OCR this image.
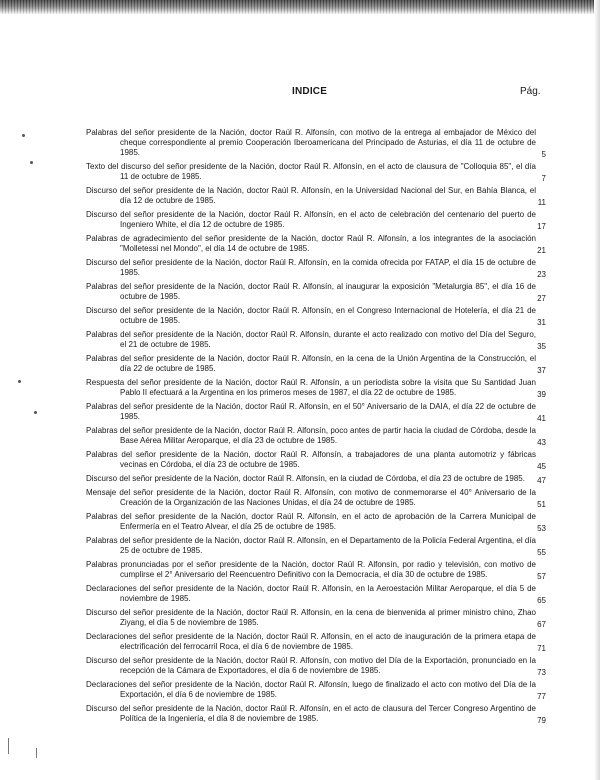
INDICE	Pág.
Palabras del señor presidente de la Nación, doctor Raúl R. Alfonsín, con motivo de la entrega al embajador de México del cheque correspondiente al premio Cooperación Iberoamericana del Principado de Asturias, el día 11 de octubre de 1985.	5
Texto del discurso del señor presidente de la Nación, doctor Raúl R. Alfonsín, en el acto de clausura de "Colloquia 85", el día 11 de octubre de 1985.	7
Discurso del señor presidente de la Nación, doctor Raúl R. Alfonsín, en la Universidad Nacional del Sur, en Bahía Blanca, el día 12 de octubre de 1985.	11
Discurso del señor presidente de la Nación, doctor Raúl R. Alfonsín, en el acto de celebración del centenario del puerto de Ingeniero White, el día 12 de octubre de 1985.	17
Palabras de agradecimiento del señor presidente de la Nación, doctor Raúl R. Alfonsín, a los integrantes de la asociación "Molletessi nel Mondo", el día 14 de octubre de 1985.	21
Discurso del señor presidente de la Nación, doctor Raúl R. Alfonsín, en la comida ofrecida por FATAP, el día 15 de octubre de 1985.	23
Palabras del señor presidente de la Nación, doctor Raúl R. Alfonsín, al inaugurar la exposición "Metalurgia 85", el día 16 de octubre de 1985.	27
Discurso del señor presidente de la Nación, doctor Raúl R. Alfonsín, en el Congreso Internacional de Hotelería, el día 21 de octubre de 1985.	31
Palabras del señor presidente de la Nación, doctor Raúl R. Alfonsín, durante el acto realizado con motivo del Día del Seguro, el 21 de octubre de 1985.	35
Palabras del señor presidente de la Nación, doctor Raúl R. Alfonsín, en la cena de la Unión Argentina de la Construcción, el día 22 de octubre de 1985.	37
Respuesta del señor presidente de la Nación, doctor Raúl R. Alfonsín, a un periodista sobre la visita que Su Santidad Juan Pablo II efectuará a la Argentina en los primeros meses de 1987, el día 22 de octubre de 1985.	39
Palabras del señor presidente de la Nación, doctor Raúl R. Alfonsín, en el 50° Aniversario de la DAIA, el día 22 de octubre de 1985.	41
Palabras del señor presidente de la Nación, doctor Raúl R. Alfonsín, poco antes de partir hacia la ciudad de Córdoba, desde la Base Aérea Militar Aeroparque, el día 23 de octubre de 1985.	43
Palabras del señor presidente de la Nación, doctor Raúl R. Alfonsín, a trabajadores de una planta automotriz y fábricas vecinas en Córdoba, el día 23 de octubre de 1985.	45
Discurso del señor presidente de la Nación, doctor Raúl R. Alfonsín, en la ciudad de Córdoba, el día 23 de octubre de 1985.	47
Mensaje del señor presidente de la Nación, doctor Raúl R. Alfonsín, con motivo de conmemorarse el 40° Aniversario de la Creación de la Organización de las Naciones Unidas, el día 24 de octubre de 1985.	51
Palabras del señor presidente de la Nación, doctor Raúl R. Alfonsín, en el acto de aprobación de la Carrera Municipal de Enfermería en el Teatro Alvear, el día 25 de octubre de 1985.	53
Palabras del señor presidente de la Nación, doctor Raúl R. Alfonsín, en el Departamento de la Policía Federal Argentina, el día 25 de octubre de 1985.	55
Palabras pronunciadas por el señor presidente de la Nación, doctor Raúl R. Alfonsín, por radio y televisión, con motivo de cumplirse el 2° Aniversario del Reencuentro Definitivo con la Democracia, el día 30 de octubre de 1985.	57
Declaraciones del señor presidente de la Nación, doctor Raúl R. Alfonsín, en la Aeroestación Militar Aeroparque, el día 5 de noviembre de 1985.	65
Discurso del señor presidente de la Nación, doctor Raúl R. Alfonsín, en la cena de bienvenida al primer ministro chino, Zhao Ziyang, el día 5 de noviembre de 1985.	67
Declaraciones del señor presidente de la Nación, doctor Raúl R. Alfonsín, en el acto de inauguración de la primera etapa de electrificación del ferrocarril Roca, el día 6 de noviembre de 1985.	71
Discurso del señor presidente de la Nación, doctor Raúl R. Alfonsín, con motivo del Día de la Exportación, pronunciado en la recepción de la Cámara de Exportadores, el día 6 de noviembre de 1985.	73
Declaraciones del señor presidente de la Nación, doctor Raúl R. Alfonsín, luego de finalizado el acto con motivo del Día de la Exportación, el día 6 de noviembre de 1985.	77
Discurso del señor presidente de la Nación, doctor Raúl R. Alfonsín, en el acto de clausura del Tercer Congreso Argentino de Política de la Ingeniería, el día 8 de noviembre de 1985.	79
